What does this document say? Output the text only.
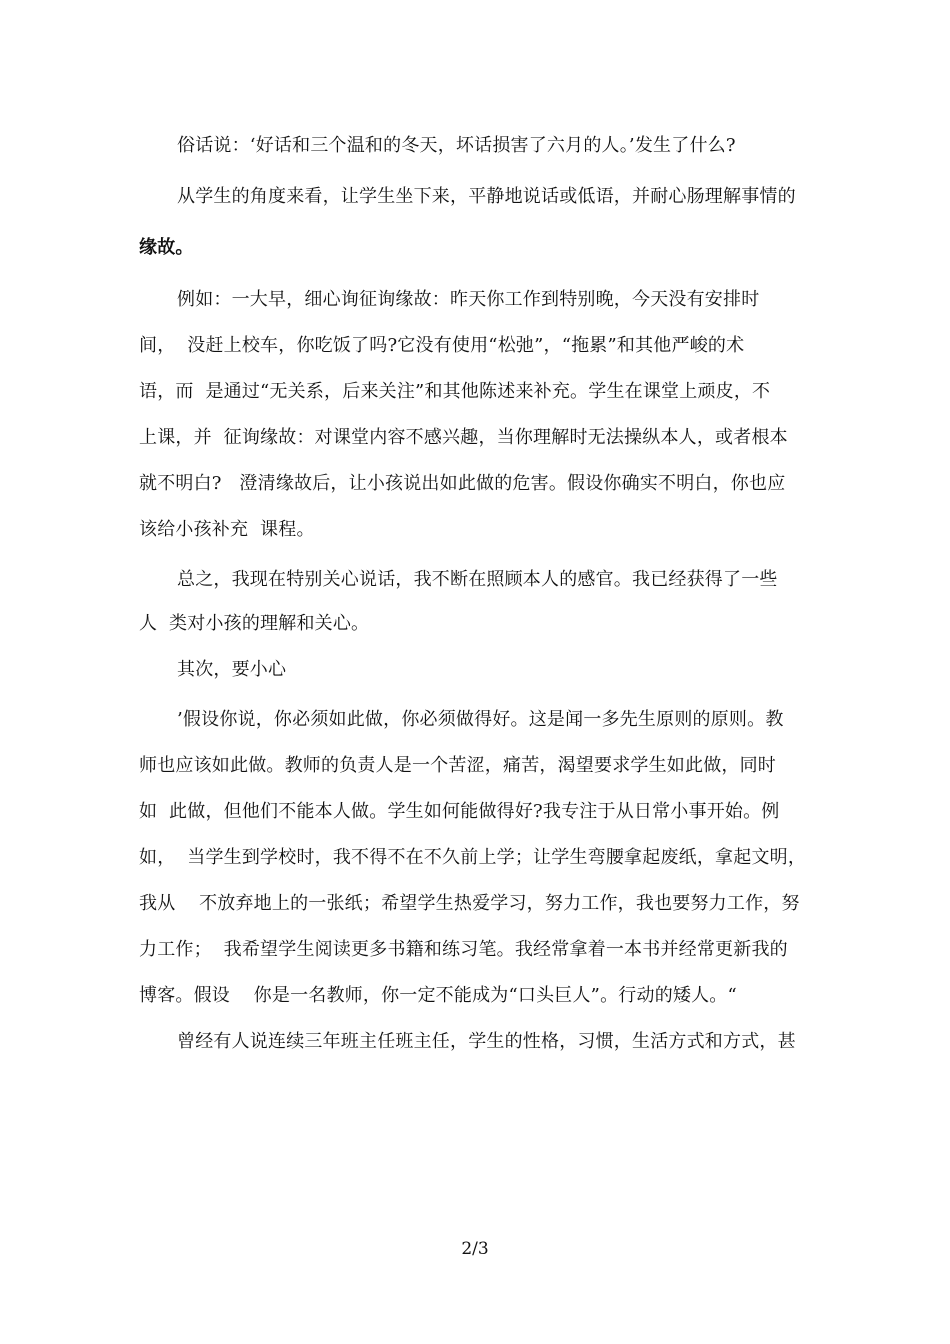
俗话说：‘好话和三个温和的冬天，坏话损害了六月的人。’发生了什么?
从学生的角度来看，让学生坐下来，平静地说话或低语，并耐心肠理解事情的
缘故。
例如：一大早，细心询征询缘故：昨天你工作到特别晚，今天没有安排时
间，  没赶上校车，你吃饭了吗?它没有使用“松弛”，“拖累”和其他严峻的术
语，而  是通过“无关系，后来关注”和其他陈述来补充。学生在课堂上顽皮，不
上课，并  征询缘故：对课堂内容不感兴趣，当你理解时无法操纵本人，或者根本
就不明白?   澄清缘故后，让小孩说出如此做的危害。假设你确实不明白，你也应
该给小孩补充  课程。
总之，我现在特别关心说话，我不断在照顾本人的感官。我已经获得了一些
人  类对小孩的理解和关心。
其次，要小心
’假设你说，你必须如此做，你必须做得好。这是闻一多先生原则的原则。教
师也应该如此做。教师的负责人是一个苦涩，痛苦，渴望要求学生如此做，同时
如  此做，但他们不能本人做。学生如何能做得好?我专注于从日常小事开始。例
如，  当学生到学校时，我不得不在不久前上学；让学生弯腰拿起废纸，拿起文明，
我从    不放弃地上的一张纸；希望学生热爱学习，努力工作，我也要努力工作，努
力工作；  我希望学生阅读更多书籍和练习笔。我经常拿着一本书并经常更新我的
博客。假设    你是一名教师，你一定不能成为“口头巨人”。行动的矮人。“
曾经有人说连续三年班主任班主任，学生的性格，习惯，生活方式和方式，甚
2/3
